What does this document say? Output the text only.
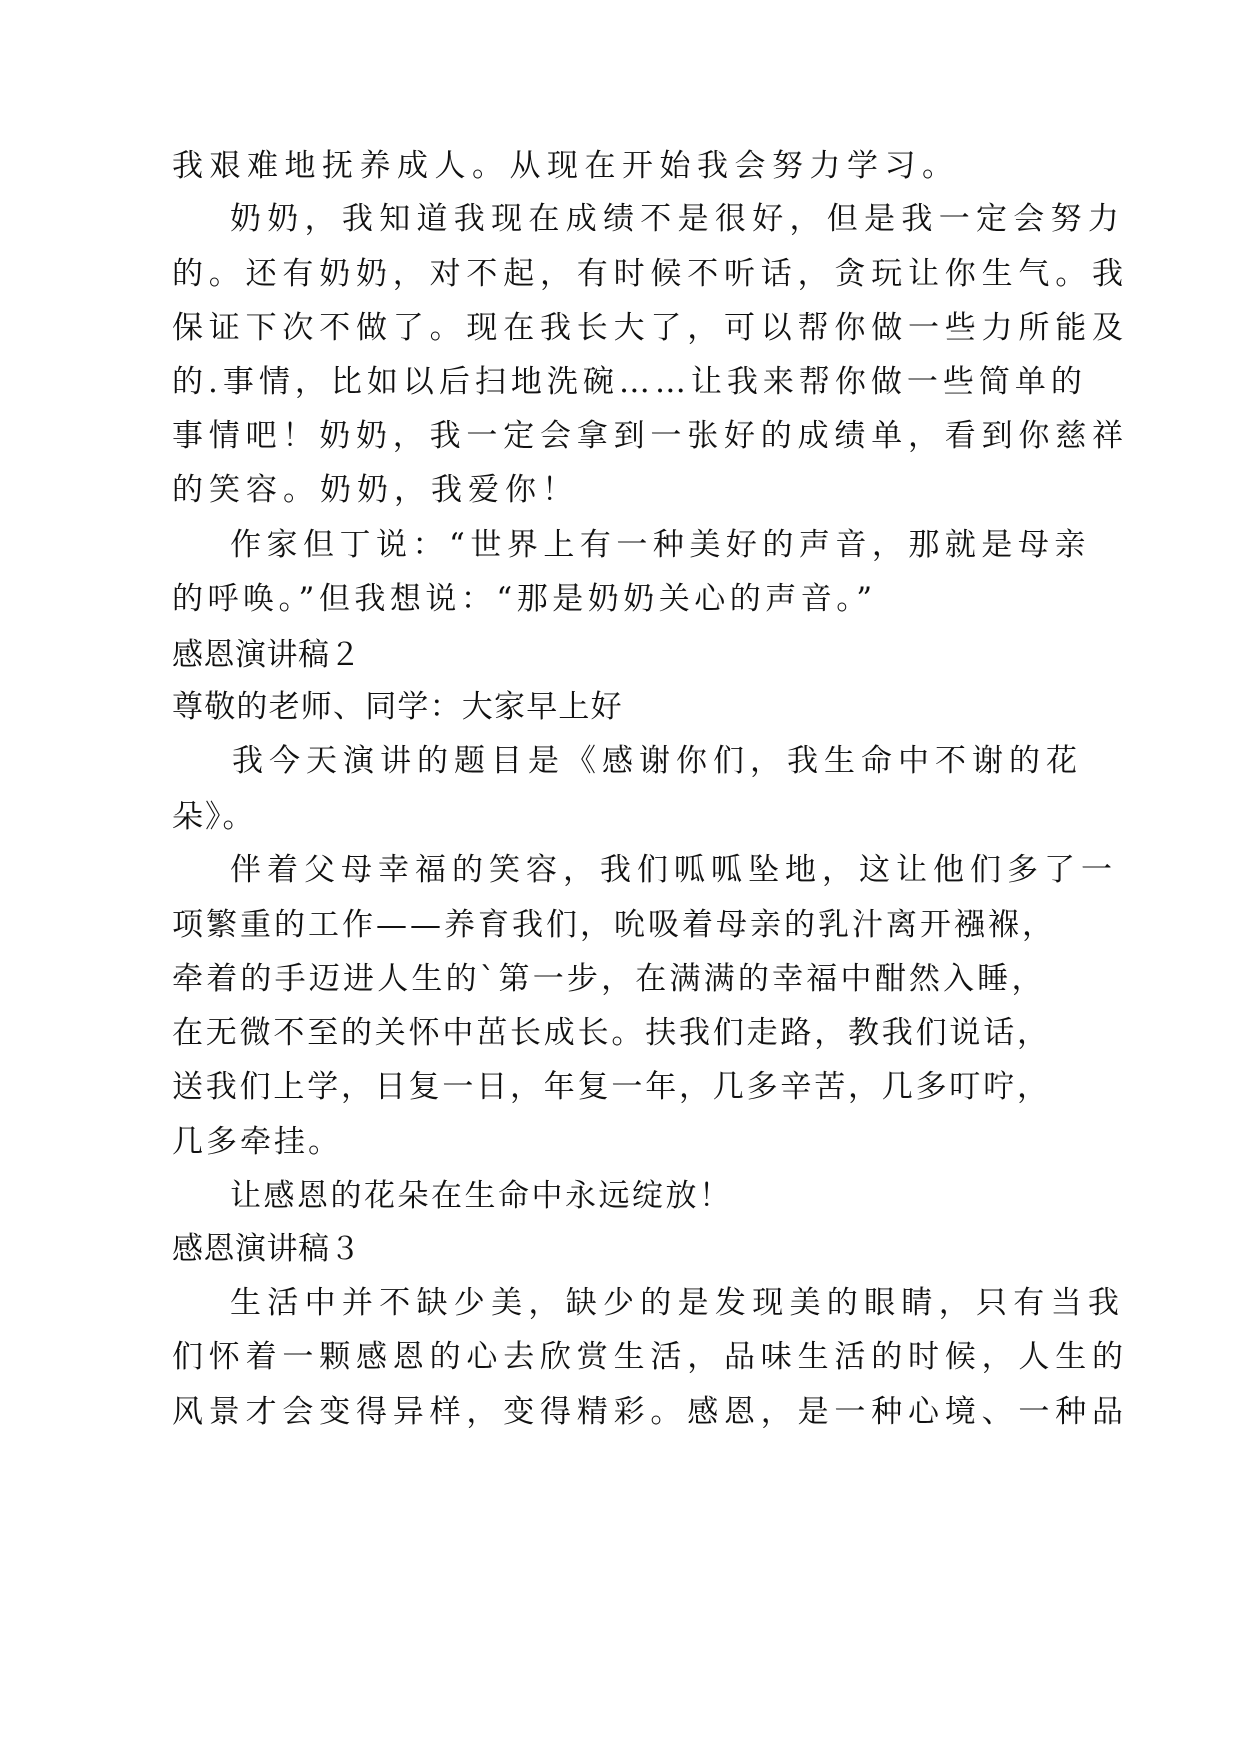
我艰难地抚养成人。从现在开始我会努力学习。
奶奶，我知道我现在成绩不是很好，但是我一定会努力
的。还有奶奶，对不起，有时候不听话，贪玩让你生气。我
保证下次不做了。现在我长大了，可以帮你做一些力所能及
的.事情，比如以后扫地洗碗……让我来帮你做一些简单的
事情吧！奶奶，我一定会拿到一张好的成绩单，看到你慈祥
的笑容。奶奶，我爱你！
作家但丁说：“世界上有一种美好的声音，那就是母亲
的呼唤。”但我想说：“那是奶奶关心的声音。”
感恩演讲稿２
尊敬的老师、同学：大家早上好
我今天演讲的题目是《感谢你们，我生命中不谢的花
朵》。
伴着父母幸福的笑容，我们呱呱坠地，这让他们多了一
项繁重的工作——养育我们，吮吸着母亲的乳汁离开襁褓，
牵着的手迈进人生的`第一步，在满满的幸福中酣然入睡，
在无微不至的关怀中茁长成长。扶我们走路，教我们说话，
送我们上学，日复一日，年复一年，几多辛苦，几多叮咛，
几多牵挂。
让感恩的花朵在生命中永远绽放！
感恩演讲稿３
生活中并不缺少美，缺少的是发现美的眼睛，只有当我
们怀着一颗感恩的心去欣赏生活，品味生活的时候，人生的
风景才会变得异样，变得精彩。感恩，是一种心境、一种品
